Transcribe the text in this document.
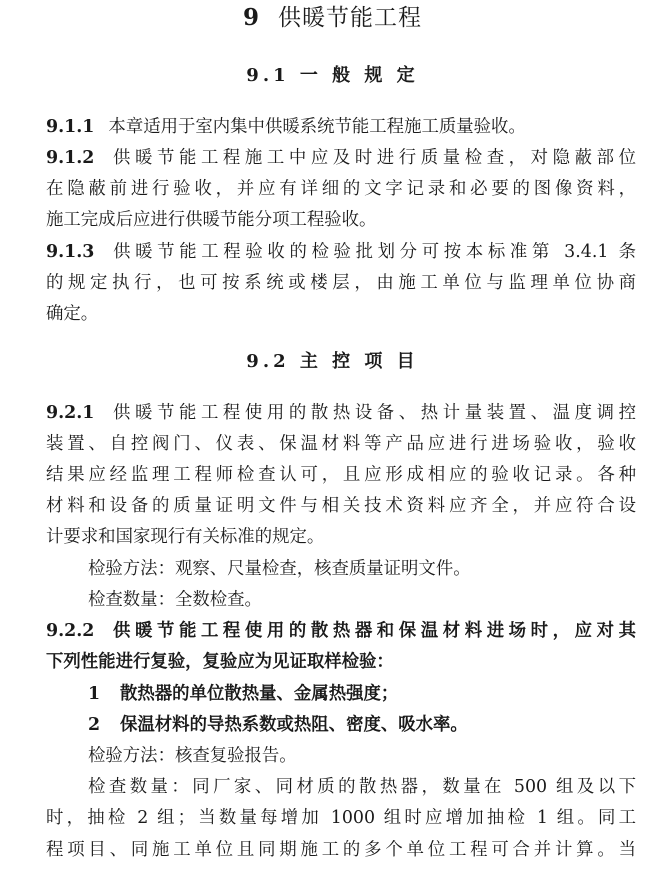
9 供暖节能工程
9.1 一 般 规 定
9.1.1 本章适用于室内集中供暖系统节能工程施工质量验收。
9.1.2 供暖节能工程施工中应及时进行质量检查，对隐蔽部位
在隐蔽前进行验收，并应有详细的文字记录和必要的图像资料，
施工完成后应进行供暖节能分项工程验收。
9.1.3 供暖节能工程验收的检验批划分可按本标准第 3.4.1 条
的规定执行，也可按系统或楼层，由施工单位与监理单位协商
确定。
9.2 主 控 项 目
9.2.1 供暖节能工程使用的散热设备、热计量装置、温度调控
装置、自控阀门、仪表、保温材料等产品应进行进场验收，验收
结果应经监理工程师检查认可，且应形成相应的验收记录。各种
材料和设备的质量证明文件与相关技术资料应齐全，并应符合设
计要求和国家现行有关标准的规定。
检验方法：观察、尺量检查，核查质量证明文件。
检查数量：全数检查。
9.2.2 供暖节能工程使用的散热器和保温材料进场时，应对其
下列性能进行复验，复验应为见证取样检验：
1 散热器的单位散热量、金属热强度；
2 保温材料的导热系数或热阻、密度、吸水率。
检验方法：核查复验报告。
检查数量：同厂家、同材质的散热器，数量在 500 组及以下
时，抽检 2 组；当数量每增加 1000 组时应增加抽检 1 组。同工
程项目、同施工单位且同期施工的多个单位工程可合并计算。当
